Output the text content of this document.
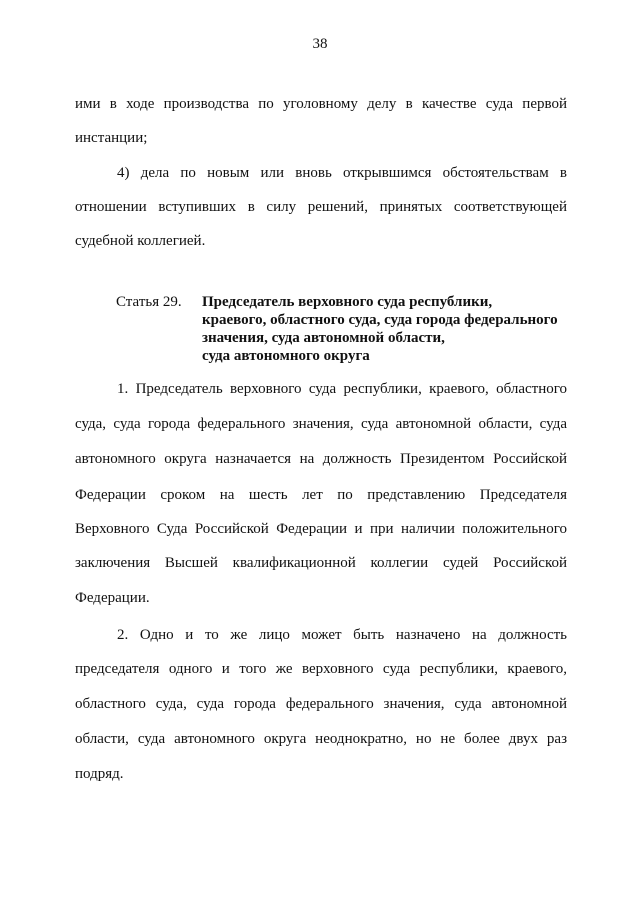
38
ими в ходе производства по уголовному делу в качестве суда первой
инстанции;
4) дела по новым или вновь открывшимся обстоятельствам в
отношении вступивших в силу решений, принятых соответствующей
судебной коллегией.
Статья 29. Председатель верховного суда республики,
краевого, областного суда, суда города федерального
значения, суда автономной области,
суда автономного округа
1. Председатель верховного суда республики, краевого, областного
суда, суда города федерального значения, суда автономной области, суда
автономного округа назначается на должность Президентом Российской
Федерации сроком на шесть лет по представлению Председателя
Верховного Суда Российской Федерации и при наличии положительного
заключения Высшей квалификационной коллегии судей Российской
Федерации.
2. Одно и то же лицо может быть назначено на должность
председателя одного и того же верховного суда республики, краевого,
областного суда, суда города федерального значения, суда автономной
области, суда автономного округа неоднократно, но не более двух раз
подряд.
